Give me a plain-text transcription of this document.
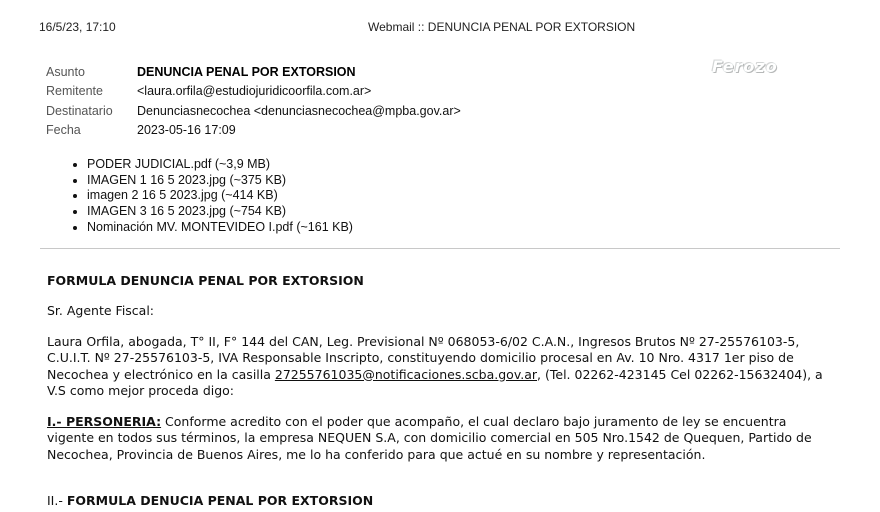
16/5/23, 17:10	Webmail :: DENUNCIA PENAL POR EXTORSION
Ferozo
Asunto	DENUNCIA PENAL POR EXTORSION
Remitente	<laura.orfila@estudiojuridicoorfila.com.ar>
Destinatario	Denunciasnecochea <denunciasnecochea@mpba.gov.ar>
Fecha	2023-05-16 17:09
• PODER JUDICIAL.pdf (~3,9 MB)
• IMAGEN 1 16 5 2023.jpg (~375 KB)
• imagen 2 16 5 2023.jpg (~414 KB)
• IMAGEN 3 16 5 2023.jpg (~754 KB)
• Nominación MV. MONTEVIDEO I.pdf (~161 KB)

FORMULA DENUNCIA PENAL POR EXTORSION

Sr. Agente Fiscal:

Laura Orfila, abogada, T° II, F° 144 del CAN, Leg. Previsional Nº 068053-6/02 C.A.N., Ingresos Brutos Nº 27-25576103-5, C.U.I.T. Nº 27-25576103-5, IVA Responsable Inscripto, constituyendo domicilio procesal en Av. 10 Nro. 4317 1er piso de Necochea y electrónico en la casilla 27255761035@notificaciones.scba.gov.ar, (Tel. 02262-423145 Cel 02262-15632404), a V.S como mejor proceda digo:

I.- PERSONERIA: Conforme acredito con el poder que acompaño, el cual declaro bajo juramento de ley se encuentra vigente en todos sus términos, la empresa NEQUEN S.A, con domicilio comercial en 505 Nro.1542 de Quequen, Partido de Necochea, Provincia de Buenos Aires, me lo ha conferido para que actué en su nombre y representación.

II.- FORMULA DENUCIA PENAL POR EXTORSION
